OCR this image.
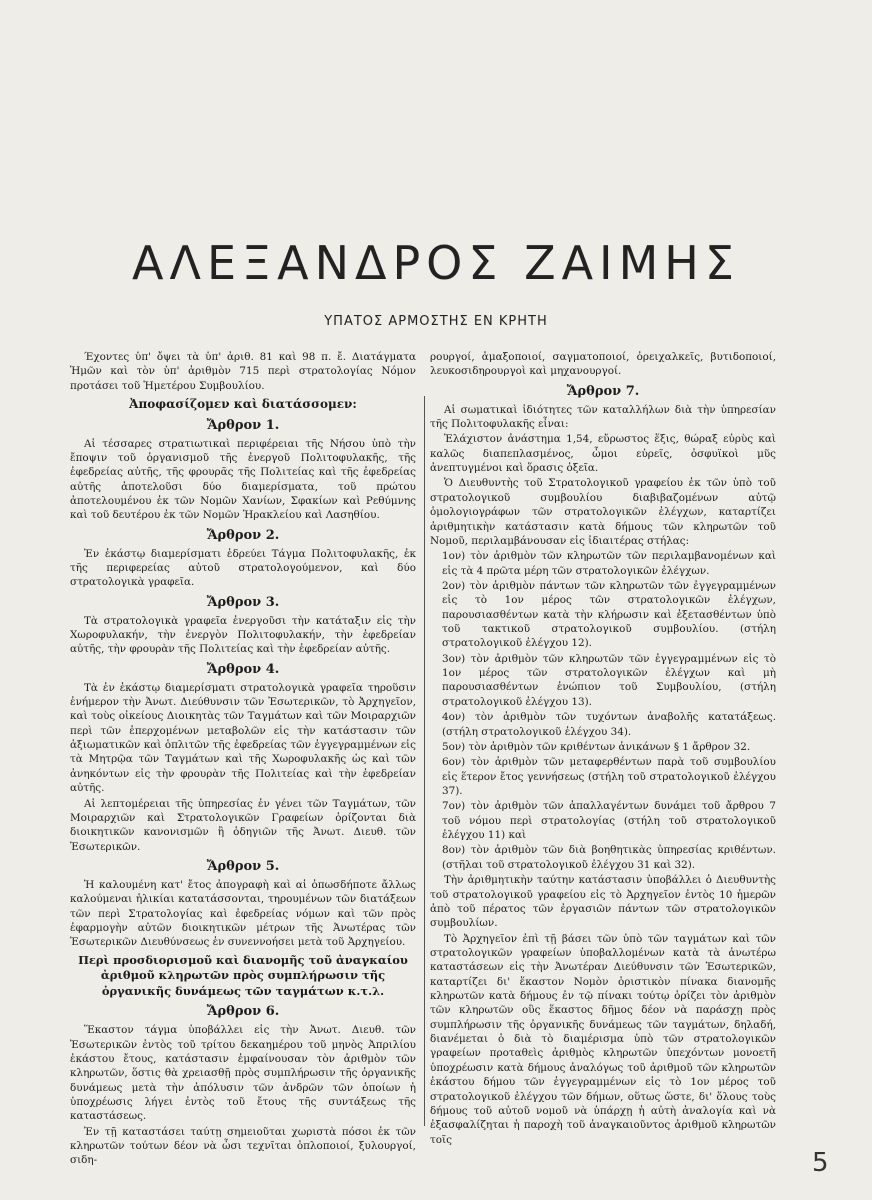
ΑΛΕΞΑΝΔΡΟΣ ΖΑΙΜΗΣ
ΥΠΑΤΟΣ ΑΡΜΟΣΤΗΣ ΕΝ ΚΡΗΤΗ

Έχοντες ὑπ' ὄψει τὰ ὑπ' ἀριθ. 81 καὶ 98 π. ἔ. Διατάγματα Ἡμῶν καὶ τὸν ὑπ' ἀριθμὸν 715 περὶ στρατολογίας Νόμον προτάσει τοῦ Ἡμετέρου Συμβουλίου.

Ἀποφασίζομεν καὶ διατάσσομεν:
Ἄρθρον 1.

Αἱ τέσσαρες στρατιωτικαὶ περιφέρειαι τῆς Νήσου ὑπὸ τὴν ἔποψιν τοῦ ὀργανισμοῦ τῆς ἐνεργοῦ Πολιτοφυλακῆς, τῆς ἐφεδρείας αὐτῆς, τῆς φρουρᾶς τῆς Πολιτείας καὶ τῆς ἐφεδρείας αὐτῆς ἀποτελοῦσι δύο διαμερίσματα, τοῦ πρώτου ἀποτελουμένου ἐκ τῶν Νομῶν Χανίων, Σφακίων καὶ Ρεθύμνης καὶ τοῦ δευτέρου ἐκ τῶν Νομῶν Ἡρακλείου καὶ Λασηθίου.

Ἄρθρον 2.

Ἐν ἑκάστῳ διαμερίσματι ἑδρεύει Τάγμα Πολιτοφυλακῆς, ἐκ τῆς περιφερείας αὐτοῦ στρατολογούμενον, καὶ δύο στρατολογικὰ γραφεῖα.

Ἄρθρον 3.

Τὰ στρατολογικὰ γραφεῖα ἐνεργοῦσι τὴν κατάταξιν εἰς τὴν Χωροφυλακήν, τὴν ἐνεργὸν Πολιτοφυλακήν, τὴν ἐφεδρείαν αὐτῆς, τὴν φρουρὰν τῆς Πολιτείας καὶ τὴν ἐφεδρείαν αὐτῆς.

Ἄρθρον 4.

Τὰ ἐν ἑκάστῳ διαμερίσματι στρατολογικὰ γραφεῖα τηροῦσιν ἐνήμερον τὴν Ἀνωτ. Διεύθυνσιν τῶν Ἐσωτερικῶν, τὸ Ἀρχηγεῖον, καὶ τοὺς οἰκείους Διοικητὰς τῶν Ταγμάτων καὶ τῶν Μοιραρχιῶν περὶ τῶν ἐπερχομένων μεταβολῶν εἰς τὴν κατάστασιν τῶν ἀξιωματικῶν καὶ ὁπλιτῶν τῆς ἐφεδρείας τῶν ἐγγεγραμμένων εἰς τὰ Μητρῷα τῶν Ταγμάτων καὶ τῆς Χωροφυλακῆς ὡς καὶ τῶν ἀνηκόντων εἰς τὴν φρουρὰν τῆς Πολιτείας καὶ τὴν ἐφεδρείαν αὐτῆς.

Αἱ λεπτομέρειαι τῆς ὑπηρεσίας ἐν γένει τῶν Ταγμάτων, τῶν Μοιραρχιῶν καὶ Στρατολογικῶν Γραφείων ὁρίζονται διὰ διοικητικῶν κανονισμῶν ἢ ὁδηγιῶν τῆς Ἀνωτ. Διευθ. τῶν Ἐσωτερικῶν.

Ἄρθρον 5.

Ἡ καλουμένη κατ' ἔτος ἀπογραφὴ καὶ αἱ ὁπωσδήποτε ἄλλως καλούμεναι ἡλικίαι κατατάσσονται, τηρουμένων τῶν διατάξεων τῶν περὶ Στρατολογίας καὶ ἐφεδρείας νόμων καὶ τῶν πρὸς ἐφαρμογὴν αὐτῶν διοικητικῶν μέτρων τῆς Ἀνωτέρας τῶν Ἐσωτερικῶν Διευθύνσεως ἐν συνεννοήσει μετὰ τοῦ Ἀρχηγείου.

Περὶ προσδιορισμοῦ καὶ διανομῆς τοῦ ἀναγκαίου ἀριθμοῦ κληρωτῶν πρὸς συμπλήρωσιν τῆς ὀργανικῆς δυνάμεως τῶν ταγμάτων κ.τ.λ.
Ἄρθρον 6.

Ἕκαστον τάγμα ὑποβάλλει εἰς τὴν Ἀνωτ. Διευθ. τῶν Ἐσωτερικῶν ἐντὸς τοῦ τρίτου δεκαημέρου τοῦ μηνὸς Ἀπριλίου ἑκάστου ἔτους, κατάστασιν ἐμφαίνουσαν τὸν ἀριθμὸν τῶν κληρωτῶν, ὅστις θὰ χρειασθῇ πρὸς συμπλήρωσιν τῆς ὀργανικῆς δυνάμεως μετὰ τὴν ἀπόλυσιν τῶν ἀνδρῶν τῶν ὁποίων ἡ ὑποχρέωσις λήγει ἐντὸς τοῦ ἔτους τῆς συντάξεως τῆς καταστάσεως.

Ἐν τῇ καταστάσει ταύτῃ σημειοῦται χωριστὰ πόσοι ἐκ τῶν κληρωτῶν τούτων δέον νὰ ὦσι τεχνῖται ὁπλοποιοί, ξυλουργοί, σιδη-

ρουργοί, ἁμαξοποιοί, σαγματοποιοί, ὀρειχαλκεῖς, βυτιδοποιοί, λευκοσιδηρουργοὶ καὶ μηχανουργοί.

Ἄρθρον 7.

Αἱ σωματικαὶ ἰδιότητες τῶν καταλλήλων διὰ τὴν ὑπηρεσίαν τῆς Πολιτοφυλακῆς εἶναι:

Ἐλάχιστον ἀνάστημα 1,54, εὔρωστος ἕξις, θώραξ εὐρὺς καὶ καλῶς διαπεπλασμένος, ὦμοι εὐρεῖς, ὀσφυϊκοὶ μῦς ἀνεπτυγμένοι καὶ ὅρασις ὀξεῖα.

Ὁ Διευθυντὴς τοῦ Στρατολογικοῦ γραφείου ἐκ τῶν ὑπὸ τοῦ στρατολογικοῦ συμβουλίου διαβιβαζομένων αὐτῷ ὁμολογιογράφων τῶν στρατολογικῶν ἐλέγχων, καταρτίζει ἀριθμητικὴν κατάστασιν κατὰ δήμους τῶν κληρωτῶν τοῦ Νομοῦ, περιλαμβάνουσαν εἰς ἰδιαιτέρας στήλας:

1ον) τὸν ἀριθμὸν τῶν κληρωτῶν τῶν περιλαμβανομένων καὶ εἰς τὰ 4 πρῶτα μέρη τῶν στρατολογικῶν ἐλέγχων.

2ον) τὸν ἀριθμὸν πάντων τῶν κληρωτῶν τῶν ἐγγεγραμμένων εἰς τὸ 1ον μέρος τῶν στρατολογικῶν ἐλέγχων, παρουσιασθέντων κατὰ τὴν κλήρωσιν καὶ ἐξετασθέντων ὑπὸ τοῦ τακτικοῦ στρατολογικοῦ συμβουλίου. (στήλη στρατολογικοῦ ἐλέγχου 12).

3ον) τὸν ἀριθμὸν τῶν κληρωτῶν τῶν ἐγγεγραμμένων εἰς τὸ 1ον μέρος τῶν στρατολογικῶν ἐλέγχων καὶ μὴ παρουσιασθέντων ἐνώπιον τοῦ Συμβουλίου, (στήλη στρατολογικοῦ ἐλέγχου 13).

4ον) τὸν ἀριθμὸν τῶν τυχόντων ἀναβολῆς κατατάξεως. (στήλη στρατολογικοῦ ἐλέγχου 34).

5ον) τὸν ἀριθμὸν τῶν κριθέντων ἀνικάνων § 1 ἄρθρον 32.

6ον) τὸν ἀριθμὸν τῶν μεταφερθέντων παρὰ τοῦ συμβουλίου εἰς ἕτερον ἔτος γεννήσεως (στήλη τοῦ στρατολογικοῦ ἐλέγχου 37).

7ον) τὸν ἀριθμὸν τῶν ἀπαλλαγέντων δυνάμει τοῦ ἄρθρου 7 τοῦ νόμου περὶ στρατολογίας (στήλη τοῦ στρατολογικοῦ ἐλέγχου 11) καὶ

8ον) τὸν ἀριθμὸν τῶν διὰ βοηθητικὰς ὑπηρεσίας κριθέντων. (στῆλαι τοῦ στρατολογικοῦ ἐλέγχου 31 καὶ 32).

Τὴν ἀριθμητικὴν ταύτην κατάστασιν ὑποβάλλει ὁ Διευθυντὴς τοῦ στρατολογικοῦ γραφείου εἰς τὸ Ἀρχηγεῖον ἐντὸς 10 ἡμερῶν ἀπὸ τοῦ πέρατος τῶν ἐργασιῶν πάντων τῶν στρατολογικῶν συμβουλίων.

Τὸ Ἀρχηγεῖον ἐπὶ τῇ βάσει τῶν ὑπὸ τῶν ταγμάτων καὶ τῶν στρατολογικῶν γραφείων ὑποβαλλομένων κατὰ τὰ ἀνωτέρω καταστάσεων εἰς τὴν Ἀνωτέραν Διεύθυνσιν τῶν Ἐσωτερικῶν, καταρτίζει δι' ἕκαστον Νομὸν ὁριστικὸν πίνακα διανομῆς κληρωτῶν κατὰ δήμους ἐν τῷ πίνακι τούτῳ ὁρίζει τὸν ἀριθμὸν τῶν κληρωτῶν οὓς ἕκαστος δῆμος δέον νὰ παράσχῃ πρὸς συμπλήρωσιν τῆς ὀργανικῆς δυνάμεως τῶν ταγμάτων, δηλαδή, διανέμεται ὁ διὰ τὸ διαμέρισμα ὑπὸ τῶν στρατολογικῶν γραφείων προταθεὶς ἀριθμὸς κληρωτῶν ὑπεχόντων μονοετῆ ὑποχρέωσιν κατὰ δήμους ἀναλόγως τοῦ ἀριθμοῦ τῶν κληρωτῶν ἑκάστου δήμου τῶν ἐγγεγραμμένων εἰς τὸ 1ον μέρος τοῦ στρατολογικοῦ ἐλέγχου τῶν δήμων, οὕτως ὥστε, δι' ὅλους τοὺς δήμους τοῦ αὐτοῦ νομοῦ νὰ ὑπάρχῃ ἡ αὐτὴ ἀναλογία καὶ νὰ ἐξασφαλίζηται ἡ παροχὴ τοῦ ἀναγκαιοῦντος ἀριθμοῦ κληρωτῶν τοῖς

5
